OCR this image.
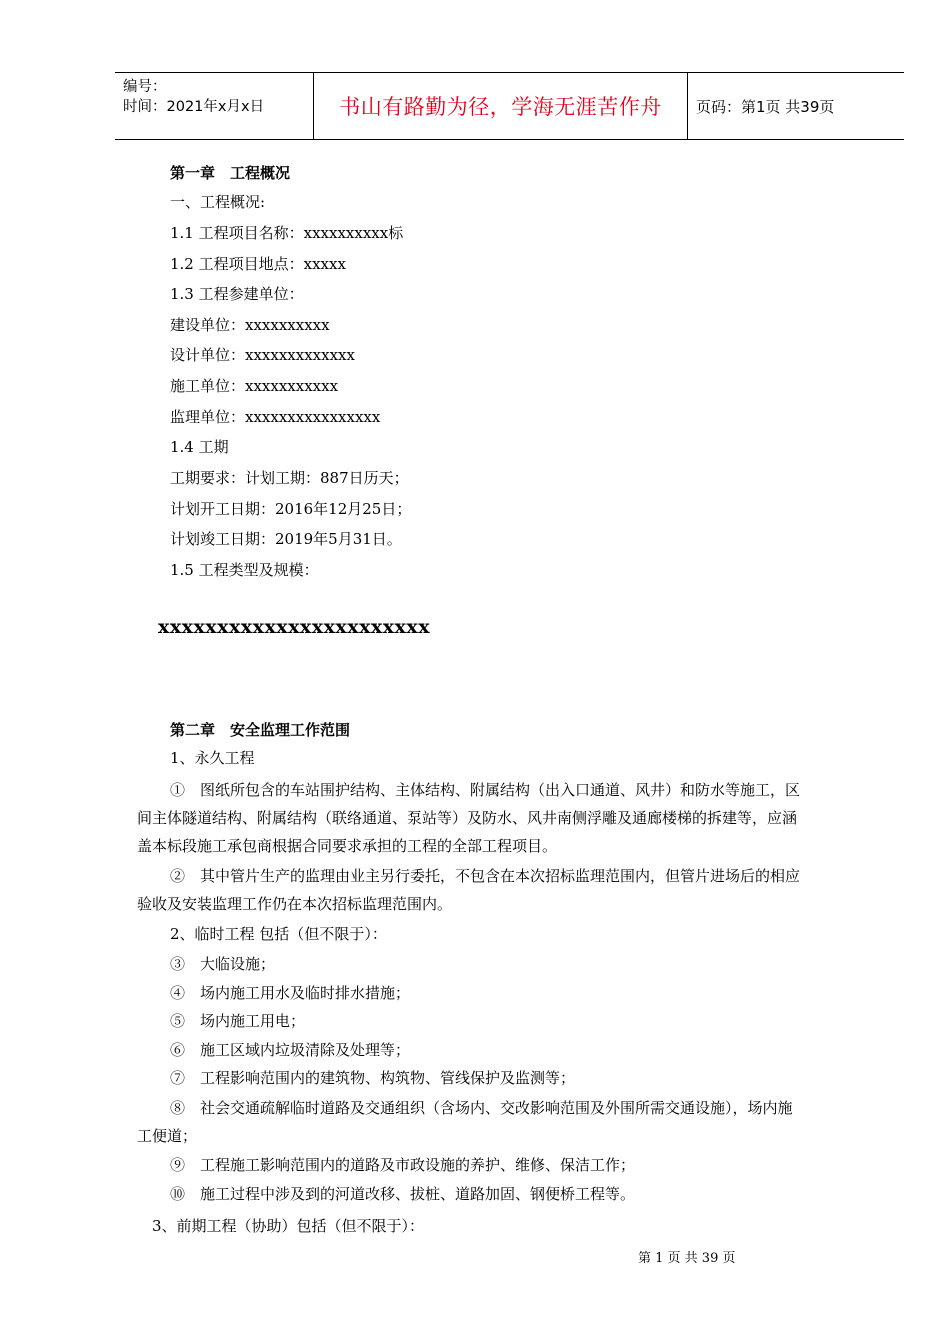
编号：
时间：2021年x月x日	书山有路勤为径，学海无涯苦作舟 页码：第1页 共39页
第一章　工程概况
一、工程概况:
1.1 工程项目名称：xxxxxxxxxx标
1.2 工程项目地点：xxxxx
1.3 工程参建单位：
建设单位：xxxxxxxxxx
设计单位：xxxxxxxxxxxxx
施工单位：xxxxxxxxxxx
监理单位：xxxxxxxxxxxxxxxx
1.4 工期
工期要求：计划工期：887日历天；
计划开工日期：2016年12月25日；
计划竣工日期：2019年5月31日。
1.5 工程类型及规模：
xxxxxxxxxxxxxxxxxxxxxxx
第二章　安全监理工作范围
1、永久工程

①　图纸所包含的车站围护结构、主体结构、附属结构（出入口通道、风井）和防水等施工，区

间主体隧道结构、附属结构（联络通道、泵站等）及防水、风井南侧浮雕及通廊楼梯的拆建等，应涵

盖本标段施工承包商根据合同要求承担的工程的全部工程项目。

②　其中管片生产的监理由业主另行委托，不包含在本次招标监理范围内，但管片进场后的相应

验收及安装监理工作仍在本次招标监理范围内。

2、临时工程 包括（但不限于）：
③　大临设施；
④　场内施工用水及临时排水措施；
⑤　场内施工用电；
⑥　施工区域内垃圾清除及处理等；
⑦　工程影响范围内的建筑物、构筑物、管线保护及监测等；

⑧　社会交通疏解临时道路及交通组织（含场内、交改影响范围及外围所需交通设施），场内施

工便道；

⑨　工程施工影响范围内的道路及市政设施的养护、维修、保洁工作；
⑩　施工过程中涉及到的河道改移、拔桩、道路加固、钢便桥工程等。
3、前期工程（协助）包括（但不限于）：
第 1 页 共 39 页
